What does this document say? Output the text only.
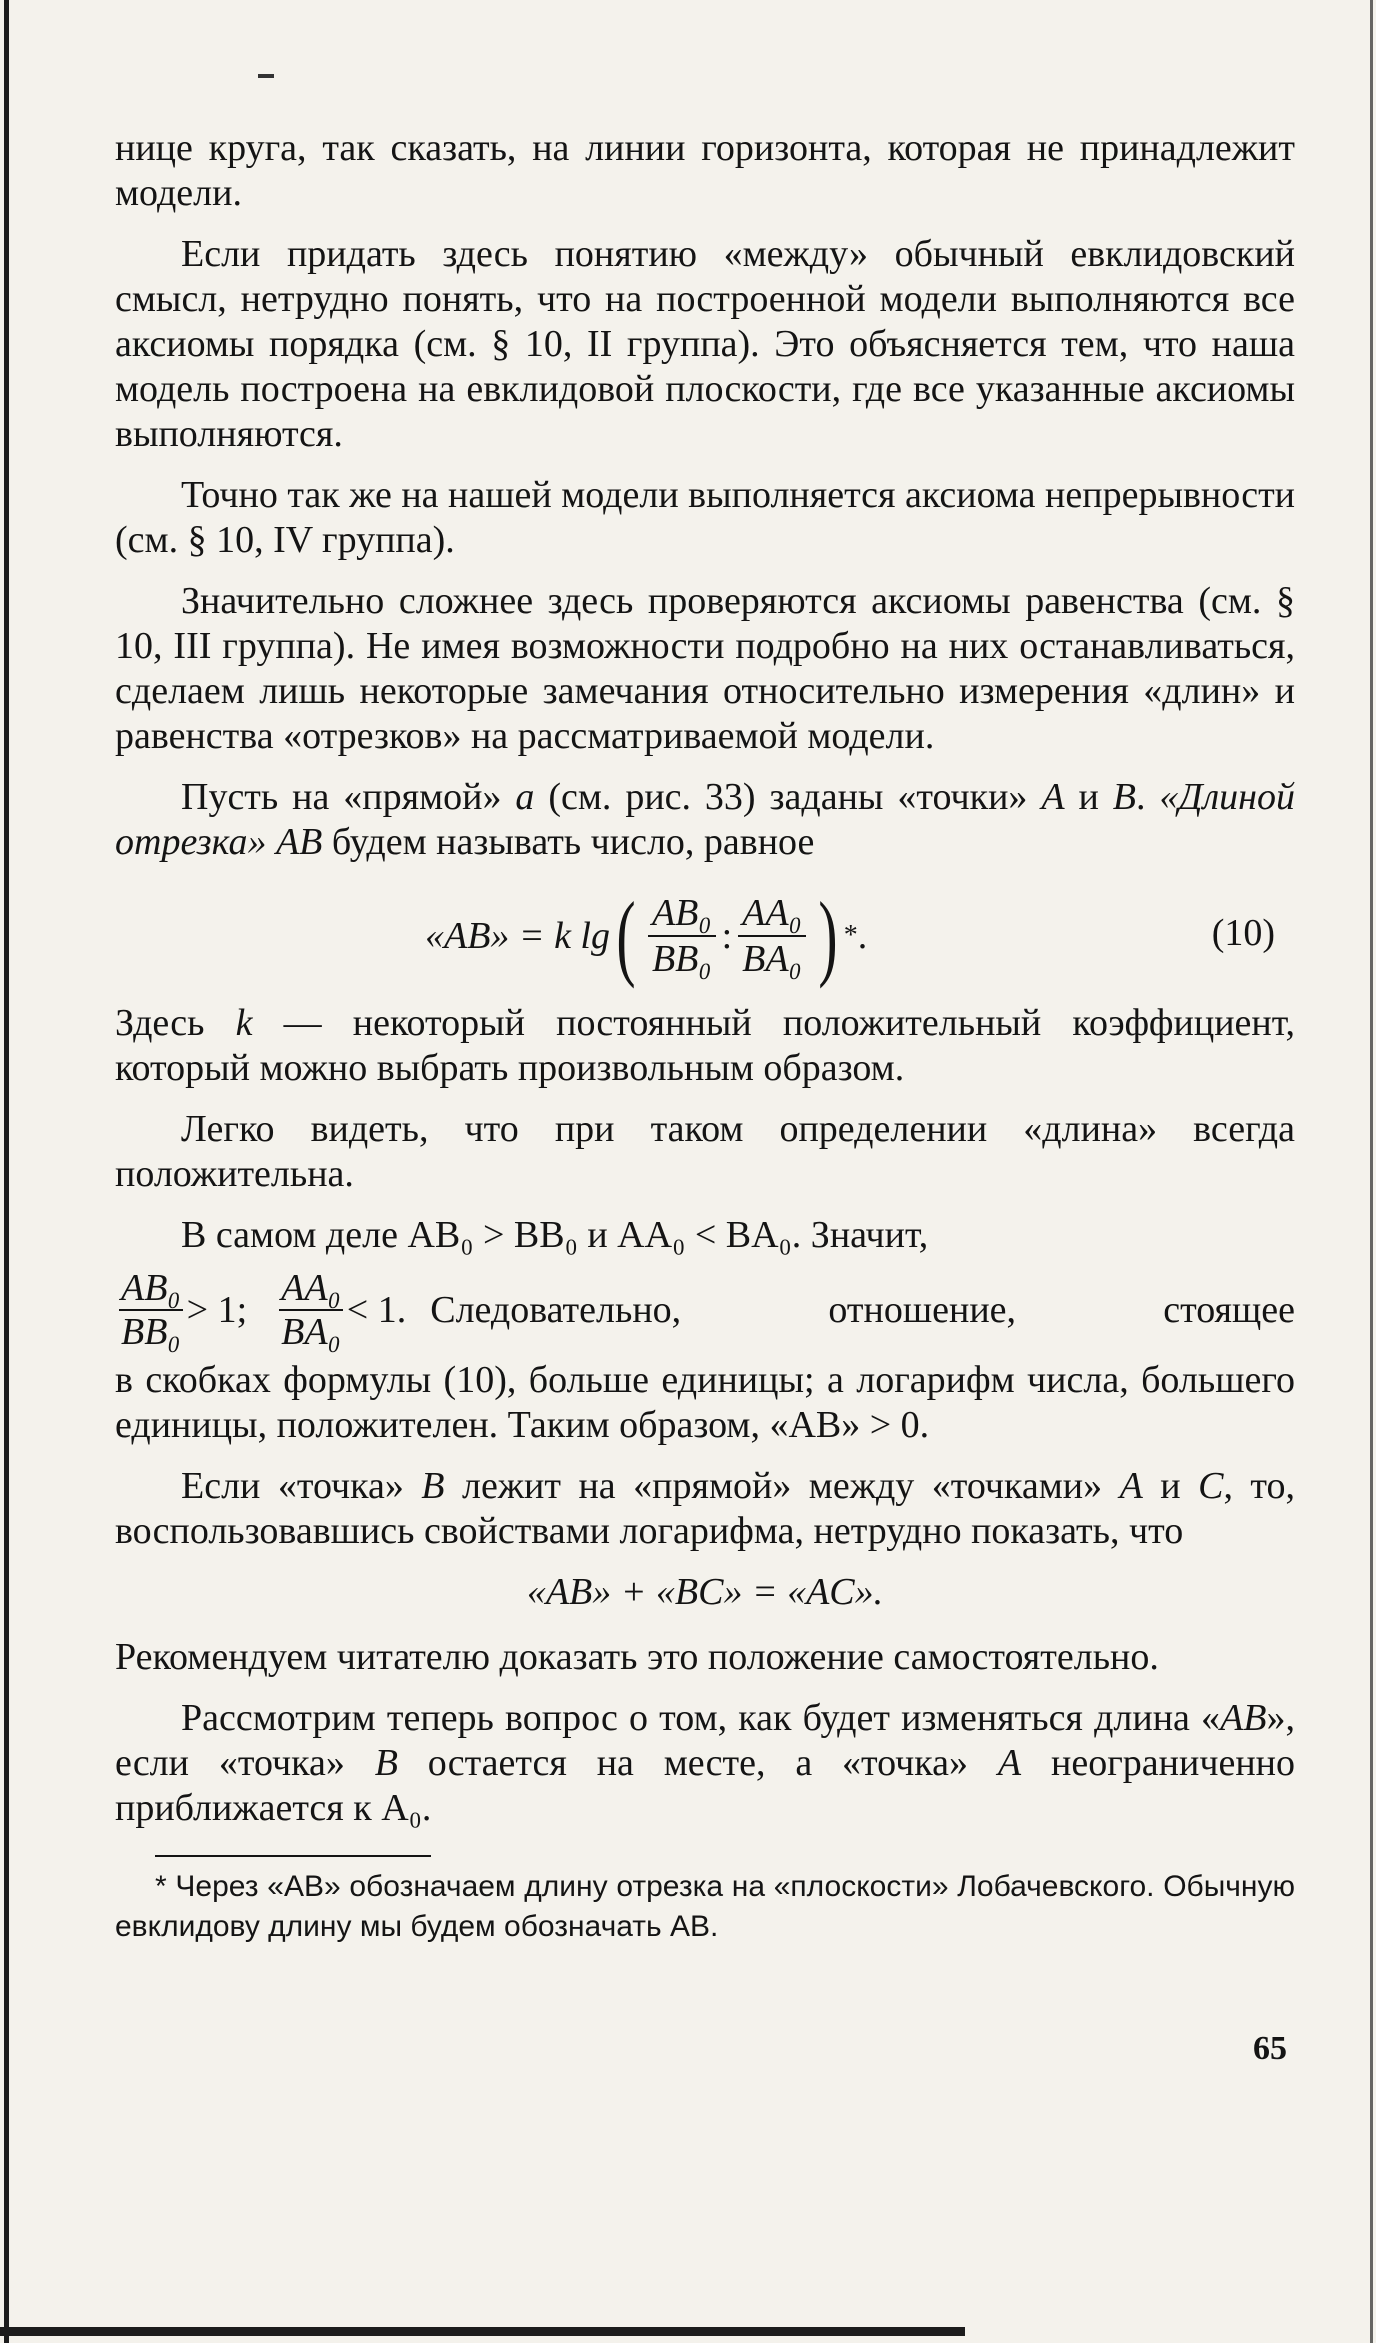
нице круга, так сказать, на линии горизонта, которая не принадлежит модели.

Если придать здесь понятию «между» обычный евклидовский смысл, нетрудно понять, что на построенной модели выполняются все аксиомы порядка (см. § 10, II группа). Это объясняется тем, что наша модель построена на евклидовой плоскости, где все указанные аксиомы выполняются.

Точно так же на нашей модели выполняется аксиома непрерывности (см. § 10, IV группа).

Значительно сложнее здесь проверяются аксиомы равенства (см. § 10, III группа). Не имея возможности подробно на них останавливаться, сделаем лишь некоторые замечания относительно измерения «длин» и равенства «отрезков» на рассматриваемой модели.

Пусть на «прямой» a (см. рис. 33) заданы «точки» A и B. «Длиной отрезка» AB будем называть число, равное

«AB» = k lg ( $\frac{\text{AB₀}}{\text{BB₀}}$ : $\frac{\text{AA₀}}{\text{BA₀}}$ ) * .	(10)

Здесь k — некоторый постоянный положительный коэффициент, который можно выбрать произвольным образом.

Легко видеть, что при таком определении «длина» всегда положительна.

В самом деле AB₀ > BB₀ и AA₀ < BA₀. Значит,

$\frac{\text{AB₀}}{\text{BB₀}} > 1$; $\frac{\text{AA₀}}{\text{BA₀}} < 1$. Следовательно, отношение, стоящее

в скобках формулы (10), больше единицы; а логарифм числа, большего единицы, положителен. Таким образом, «AB» > 0.

Если «точка» B лежит на «прямой» между «точками» A и C, то, воспользовавшись свойствами логарифма, нетрудно показать, что

«AB» + «BC» = «AC».

Рекомендуем читателю доказать это положение самостоятельно.

Рассмотрим теперь вопрос о том, как будет изменяться длина «AB», если «точка» B остается на месте, а «точка» A неограниченно приближается к A₀.

* Через «AB» обозначаем длину отрезка на «плоскости» Лобачевского. Обычную евклидову длину мы будем обозначать AB.

65
